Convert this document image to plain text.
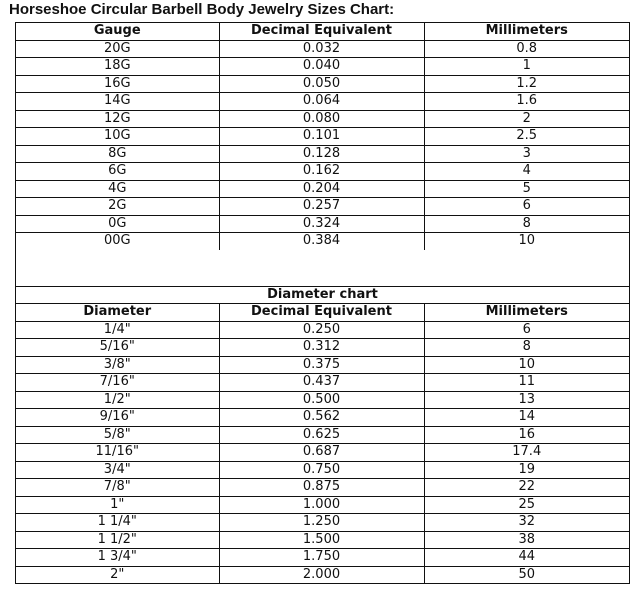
Horseshoe Circular Barbell Body Jewelry Sizes Chart:
Gauge	Decimal Equivalent	Millimeters
20G	0.032	0.8
18G	0.040	1
16G	0.050	1.2
14G	0.064	1.6
12G	0.080	2
10G	0.101	2.5
8G	0.128	3
6G	0.162	4
4G	0.204	5
2G	0.257	6
0G	0.324	8
00G	0.384	10

Diameter chart		
Diameter	Decimal Equivalent	Millimeters
1/4"	0.250	6
5/16"	0.312	8
3/8"	0.375	10
7/16"	0.437	11
1/2"	0.500	13
9/16"	0.562	14
5/8"	0.625	16
11/16"	0.687	17.4
3/4"	0.750	19
7/8"	0.875	22
1"	1.000	25
1 1/4"	1.250	32
1 1/2"	1.500	38
1 3/4"	1.750	44
2"	2.000	50
